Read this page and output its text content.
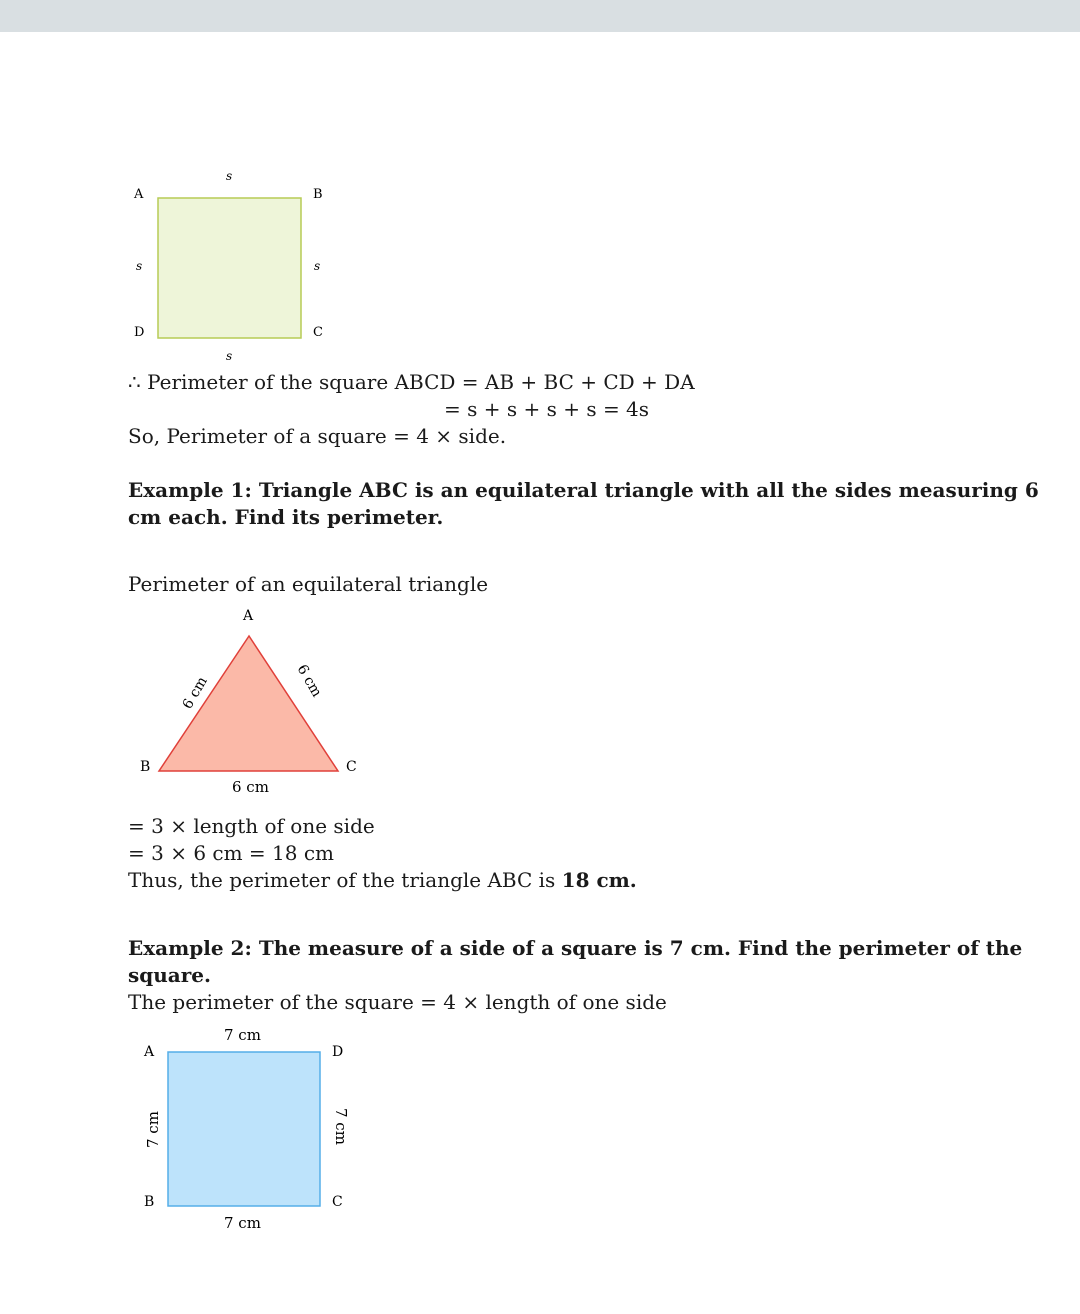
A	B
C
D
s
s	s
s
∴ Perimeter of the square ABCD = AB + BC + CD + DA
= s + s + s + s = 4s
So, Perimeter of a square = 4 × side.
Example 1: Triangle ABC is an equilateral triangle with all the sides measuring 6
cm each. Find its perimeter.
Perimeter of an equilateral triangle
A
B	C
6 cm	6 cm
6 cm
= 3 × length of one side
= 3 × 6 cm = 18 cm
Thus, the perimeter of the triangle ABC is 18 cm.
Example 2: The measure of a side of a square is 7 cm. Find the perimeter of the
square.
The perimeter of the square = 4 × length of one side
A	D
B	C
7 cm
7 cm
7 cm	7 cm
